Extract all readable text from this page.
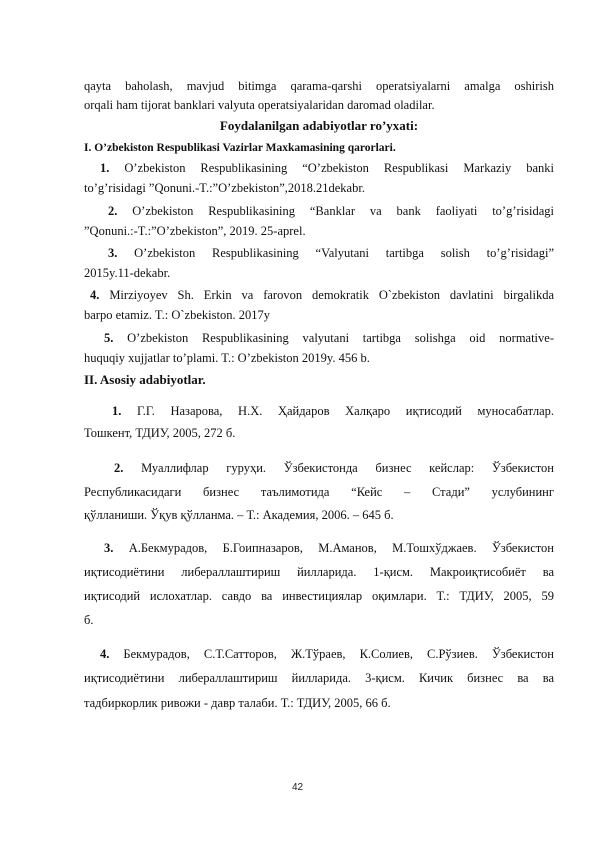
qayta baholash, mavjud bitimga qarama-qarshi operatsiyalarni amalga oshirish
orqali ham tijorat banklari valyuta operatsiyalaridan daromad oladilar.
Foydalanilgan adabiyotlar ro’yxati:
I. O’zbekiston Respublikasi Vazirlar Maxkamasining qarorlari.
1. O’zbekiston Respublikasining “O’zbekiston Respublikasi Markaziy banki
to’g’risidagi ”Qonuni.-T.:”O’zbekiston”,2018.21dekabr.
2. O’zbekiston Respublikasining “Banklar va bank faoliyati to’g’risidagi
”Qonuni.:-T.:”O’zbekiston”, 2019. 25-aprel.
3. O’zbekiston Respublikasining “Valyutani tartibga solish to’g’risidagi”
2015y.11-dekabr.
4. Mirziyoyev Sh. Erkin va farovon demokratik O`zbekiston davlatini birgalikda
barpo etamiz. T.: O`zbekiston. 2017y
5. O’zbekiston Respublikasining valyutani tartibga solishga oid normative-
huquqiy xujjatlar to’plami. T.: O’zbekiston 2019y. 456 b.
II. Asosiy adabiyotlar.
1. Г.Г. Назарова, Н.Х. Ҳайдаров Халқаро иқтисодий муносабатлар.
Тошкент, ТДИУ, 2005, 272 б.
2. Муаллифлар гуруҳи. Ўзбекистонда бизнес кейслар: Ўзбекистон
Республикасидаги бизнес таълимотида “Кейс – Стади” услубининг
қўлланиши. Ўқув қўлланма. – Т.: Академия, 2006. – 645 б.
3. А.Бекмурадов, Б.Гоипназаров, М.Аманов, М.Тошхўджаев. Ўзбекистон
иқтисодиётини либераллаштириш йилларида. 1-қисм. Макроиқтисобиёт ва
иқтисодий ислохатлар. савдо ва инвестициялар оқимлари. Т.: ТДИУ, 2005, 59
б.
4. Бекмурадов, С.Т.Сатторов, Ж.Тўраев, К.Солиев, С.Рўзиев. Ўзбекистон
иқтисодиётини либераллаштириш йилларида. 3-қисм. Кичик бизнес ва ва
тадбиркорлик ривожи - давр талаби. Т.: ТДИУ, 2005, 66 б.
42
